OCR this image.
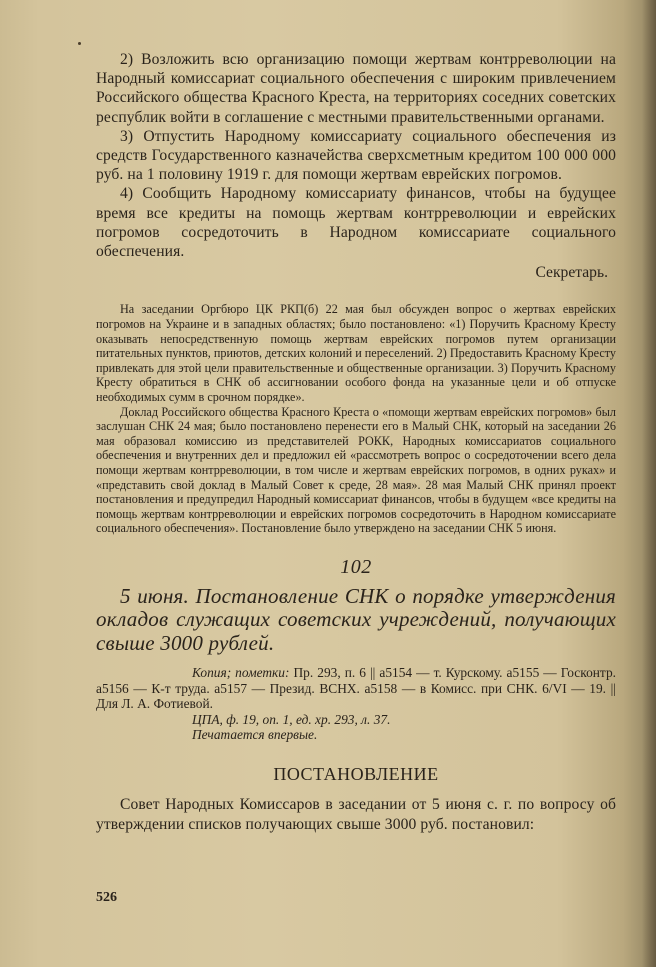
2) Возложить всю организацию помощи жертвам контрреволюции на Народный комиссариат социального обеспечения с широким привлечением Российского общества Красного Креста, на территориях соседних советских республик войти в соглашение с местными правительственными органами.

3) Отпустить Народному комиссариату социального обеспечения из средств Государственного казначейства сверхсметным кредитом 100 000 000 руб. на 1 половину 1919 г. для помощи жертвам еврейских погромов.

4) Сообщить Народному комиссариату финансов, чтобы на будущее время все кредиты на помощь жертвам контрреволюции и еврейских погромов сосредоточить в Народном комиссариате социального обеспечения.

Секретарь.

На заседании Оргбюро ЦК РКП(б) 22 мая был обсужден вопрос о жертвах еврейских погромов на Украине и в западных областях; было постановлено: «1) Поручить Красному Кресту оказывать непосредственную помощь жертвам еврейских погромов путем организации питательных пунктов, приютов, детских колоний и переселений. 2) Предоставить Красному Кресту привлекать для этой цели правительственные и общественные организации. 3) Поручить Красному Кресту обратиться в СНК об ассигновании особого фонда на указанные цели и об отпуске необходимых сумм в срочном порядке».

Доклад Российского общества Красного Креста о «помощи жертвам еврейских погромов» был заслушан СНК 24 мая; было постановлено перенести его в Малый СНК, который на заседании 26 мая образовал комиссию из представителей РОКК, Народных комиссариатов социального обеспечения и внутренних дел и предложил ей «рассмотреть вопрос о сосредоточении всего дела помощи жертвам контрреволюции, в том числе и жертвам еврейских погромов, в одних руках» и «представить свой доклад в Малый Совет к среде, 28 мая». 28 мая Малый СНК принял проект постановления и предупредил Народный комиссариат финансов, чтобы в будущем «все кредиты на помощь жертвам контрреволюции и еврейских погромов сосредоточить в Народном комиссариате социального обеспечения». Постановление было утверждено на заседании СНК 5 июня.

102

5 июня. Постановление СНК о порядке утверждения окладов служащих советских учреждений, получающих свыше 3000 рублей.

Копия; пометки: Пр. 293, п. 6 || а5154 — т. Курскому. а5155 — Госконтр. а5156 — К-т труда. а5157 — Презид. ВСНХ. а5158 — в Комисс. при СНК. 6/VI — 19. || Для Л. А. Фотиевой.

ЦПА, ф. 19, оп. 1, ед. хр. 293, л. 37.
Печатается впервые.
ПОСТАНОВЛЕНИЕ

Совет Народных Комиссаров в заседании от 5 июня с. г. по вопросу об утверждении списков получающих свыше 3000 руб. постановил:

526
